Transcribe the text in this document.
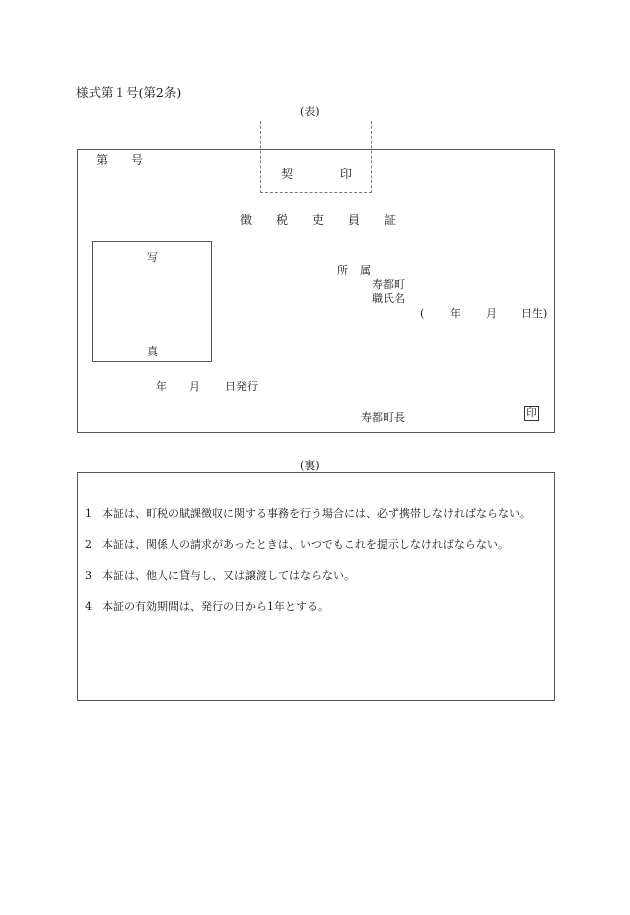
様式第１号(第2条)
(表)
契	印
第 号
徴 税 吏 員 証
写
真
所 属
寿都町
職氏名
( 年 月 日生)
年 月 日発行
寿都町長	印
(裏)
1 本証は、町税の賦課徴収に関する事務を行う場合には、必ず携帯しなければならない。
2 本証は、関係人の請求があったときは、いつでもこれを提示しなければならない。
3 本証は、他人に貸与し、又は譲渡してはならない。
4 本証の有効期間は、発行の日から1年とする。
